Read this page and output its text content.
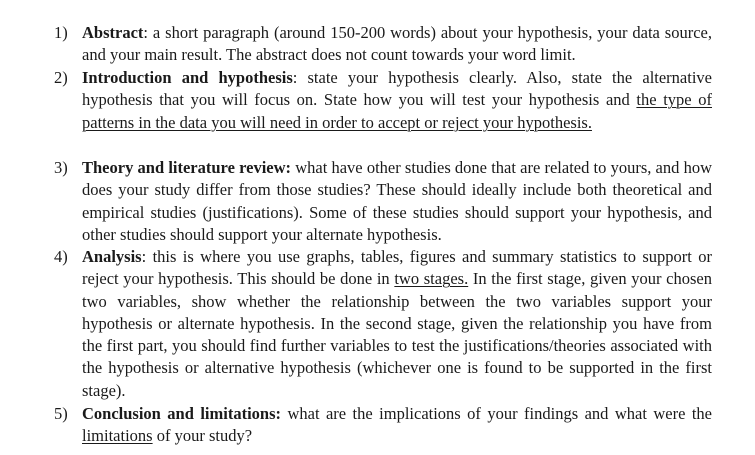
1) Abstract: a short paragraph (around 150-200 words) about your hypothesis, your data source, and your main result. The abstract does not count towards your word limit.
2) Introduction and hypothesis: state your hypothesis clearly. Also, state the alternative hypothesis that you will focus on. State how you will test your hypothesis and the type of patterns in the data you will need in order to accept or reject your hypothesis.
3) Theory and literature review: what have other studies done that are related to yours, and how does your study differ from those studies? These should ideally include both theoretical and empirical studies (justifications). Some of these studies should support your hypothesis, and other studies should support your alternate hypothesis.
4) Analysis: this is where you use graphs, tables, figures and summary statistics to support or reject your hypothesis. This should be done in two stages. In the first stage, given your chosen two variables, show whether the relationship between the two variables support your hypothesis or alternate hypothesis. In the second stage, given the relationship you have from the first part, you should find further variables to test the justifications/theories associated with the hypothesis or alternative hypothesis (whichever one is found to be supported in the first stage).
5) Conclusion and limitations: what are the implications of your findings and what were the limitations of your study?
